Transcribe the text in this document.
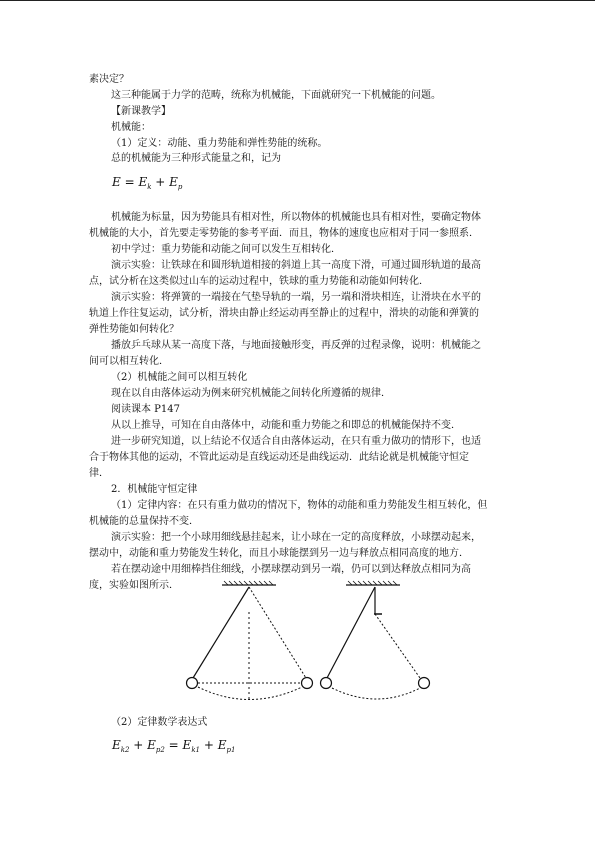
素决定？
这三种能属于力学的范畴，统称为机械能，下面就研究一下机械能的问题。
【新课教学】
机械能：
（1）定义：动能、重力势能和弹性势能的统称。
总的机械能为三种形式能量之和，记为
$E = E_k + E_p$
机械能为标量，因为势能具有相对性，所以物体的机械能也具有相对性，要确定物体
机械能的大小，首先要走零势能的参考平面．而且，物体的速度也应相对于同一参照系．
初中学过：重力势能和动能之间可以发生互相转化．
演示实验：让铁球在和圆形轨道相接的斜道上其一高度下滑，可通过圆形轨道的最高
点，试分析在这类似过山车的运动过程中，铁球的重力势能和动能如何转化．
演示实验：将弹簧的一端接在气垫导轨的一端，另一端和滑块相连，让滑块在水平的
轨道上作往复运动，试分析，滑块由静止经运动再至静止的过程中，滑块的动能和弹簧的
弹性势能如何转化？
播放乒乓球从某一高度下落，与地面接触形变，再反弹的过程录像，说明：机械能之
间可以相互转化．
（2）机械能之间可以相互转化
现在以自由落体运动为例来研究机械能之间转化所遵循的规律．
阅读课本 P147
从以上推导，可知在自由落体中，动能和重力势能之和即总的机械能保持不变．
进一步研究知道，以上结论不仅适合自由落体运动，在只有重力做功的情形下，也适
合于物体其他的运动，不管此运动是直线运动还是曲线运动．此结论就是机械能守恒定
律．
2．机械能守恒定律
（1）定律内容：在只有重力做功的情况下，物体的动能和重力势能发生相互转化，但
机械能的总量保持不变．
演示实验：把一个小球用细线悬挂起来，让小球在一定的高度释放，小球摆动起来，
摆动中，动能和重力势能发生转化，而且小球能摆到另一边与释放点相同高度的地方．
若在摆动途中用细棒挡住细线，小摆球摆动到另一端，仍可以到达释放点相同为高
度，实验如图所示．
（2）定律数学表达式
$E_{k2} + E_{p2} = E_{k1} + E_{p1}$
